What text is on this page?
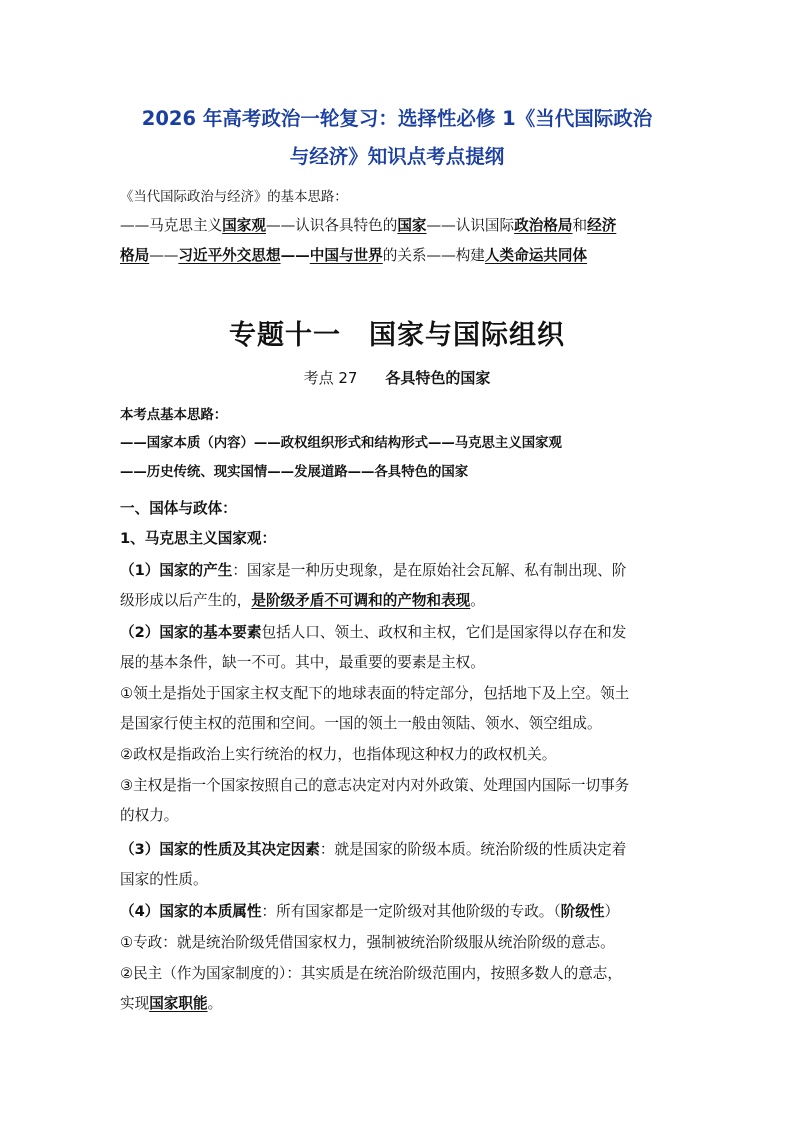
2026 年高考政治一轮复习：选择性必修 1《当代国际政治
与经济》知识点考点提纲
《当代国际政治与经济》的基本思路：
——马克思主义国家观——认识各具特色的国家——认识国际政治格局和经济
格局——习近平外交思想——中国与世界的关系——构建人类命运共同体
专题十一　国家与国际组织
考点 27 各具特色的国家
本考点基本思路：
——国家本质（内容）——政权组织形式和结构形式——马克思主义国家观
——历史传统、现实国情——发展道路——各具特色的国家
一、国体与政体：
1、马克思主义国家观：
（1）国家的产生：国家是一种历史现象，是在原始社会瓦解、私有制出现、阶
级形成以后产生的，是阶级矛盾不可调和的产物和表现。
（2）国家的基本要素包括人口、领土、政权和主权，它们是国家得以存在和发
展的基本条件，缺一不可。其中，最重要的要素是主权。
①领土是指处于国家主权支配下的地球表面的特定部分，包括地下及上空。领土
是国家行使主权的范围和空间。一国的领土一般由领陆、领水、领空组成。
②政权是指政治上实行统治的权力，也指体现这种权力的政权机关。
③主权是指一个国家按照自己的意志决定对内对外政策、处理国内国际一切事务
的权力。
（3）国家的性质及其决定因素：就是国家的阶级本质。统治阶级的性质决定着
国家的性质。
（4）国家的本质属性：所有国家都是一定阶级对其他阶级的专政。（阶级性）
①专政：就是统治阶级凭借国家权力，强制被统治阶级服从统治阶级的意志。
②民主（作为国家制度的）：其实质是在统治阶级范围内，按照多数人的意志，
实现国家职能。
